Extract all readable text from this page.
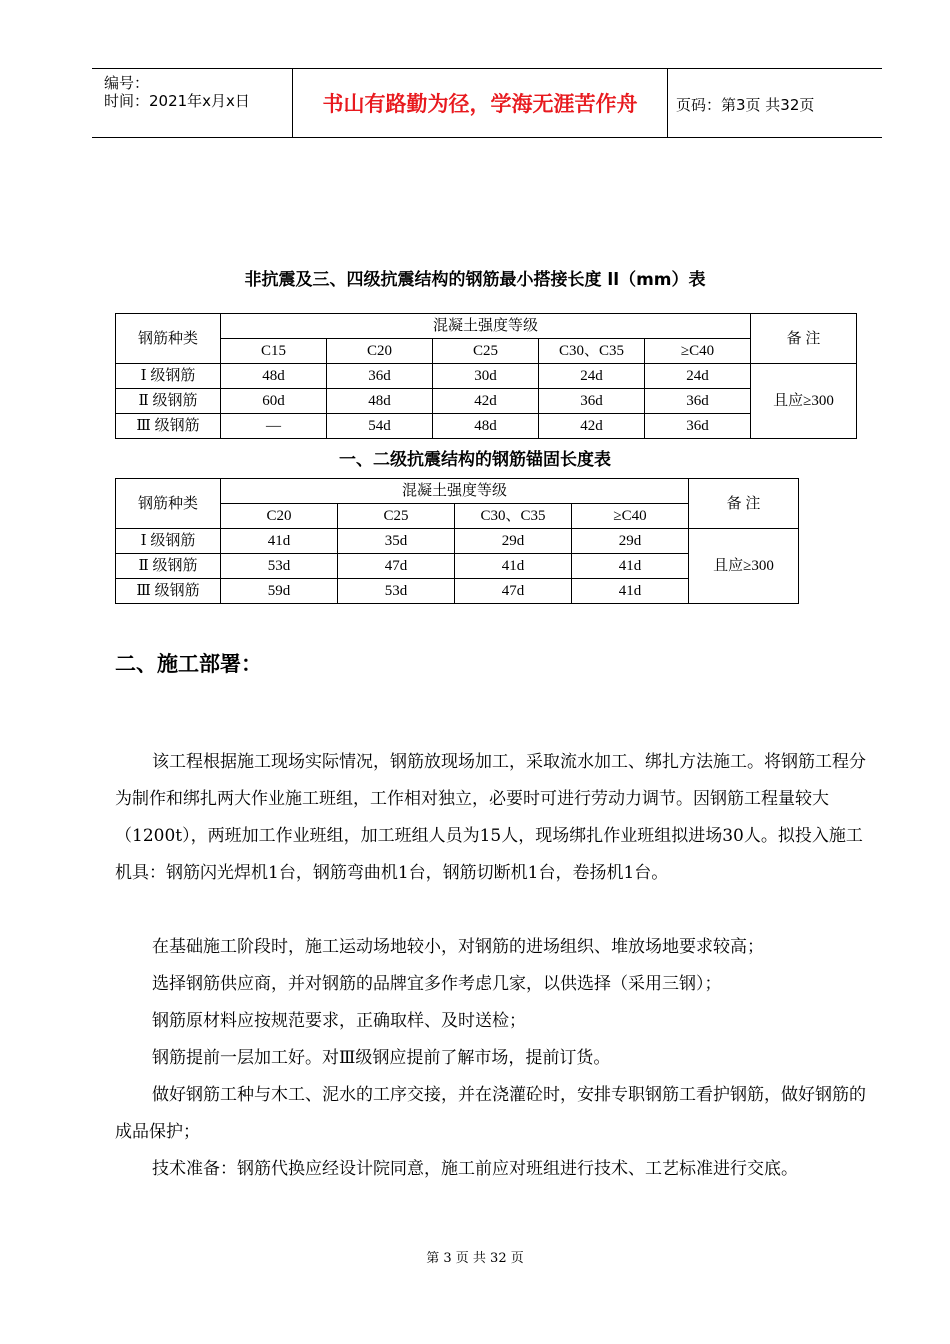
编号：
时间：2021年x月x日	书山有路勤为径，学海无涯苦作舟	页码：第3页 共32页
非抗震及三、四级抗震结构的钢筋最小搭接长度 ll（mm）表
钢筋种类	混凝土强度等级					备 注
	C15	C20	C25	C30、C35	≥C40	
Ⅰ 级钢筋	48d	36d	30d	24d	24d	且应≥300
Ⅱ 级钢筋	60d	48d	42d	36d	36d	
Ⅲ 级钢筋	—	54d	48d	42d	36d	
一、二级抗震结构的钢筋锚固长度表
钢筋种类	混凝土强度等级				备 注
	C20	C25	C30、C35	≥C40	
Ⅰ 级钢筋	41d	35d	29d	29d	且应≥300
Ⅱ 级钢筋	53d	47d	41d	41d	
Ⅲ 级钢筋	59d	53d	47d	41d	
二、施工部署：

该工程根据施工现场实际情况，钢筋放现场加工，采取流水加工、绑扎方法施工。将钢筋工程分为制作和绑扎两大作业施工班组，工作相对独立，必要时可进行劳动力调节。因钢筋工程量较大（1200t），两班加工作业班组，加工班组人员为15人，现场绑扎作业班组拟进场30人。拟投入施工机具：钢筋闪光焊机1台，钢筋弯曲机1台，钢筋切断机1台，卷扬机1台。

在基础施工阶段时，施工运动场地较小，对钢筋的进场组织、堆放场地要求较高；

选择钢筋供应商，并对钢筋的品牌宜多作考虑几家，以供选择（采用三钢）；

钢筋原材料应按规范要求，正确取样、及时送检；

钢筋提前一层加工好。对Ⅲ级钢应提前了解市场，提前订货。

做好钢筋工种与木工、泥水的工序交接，并在浇灌砼时，安排专职钢筋工看护钢筋，做好钢筋的成品保护；

技术准备：钢筋代换应经设计院同意，施工前应对班组进行技术、工艺标准进行交底。

第 3 页 共 32 页
